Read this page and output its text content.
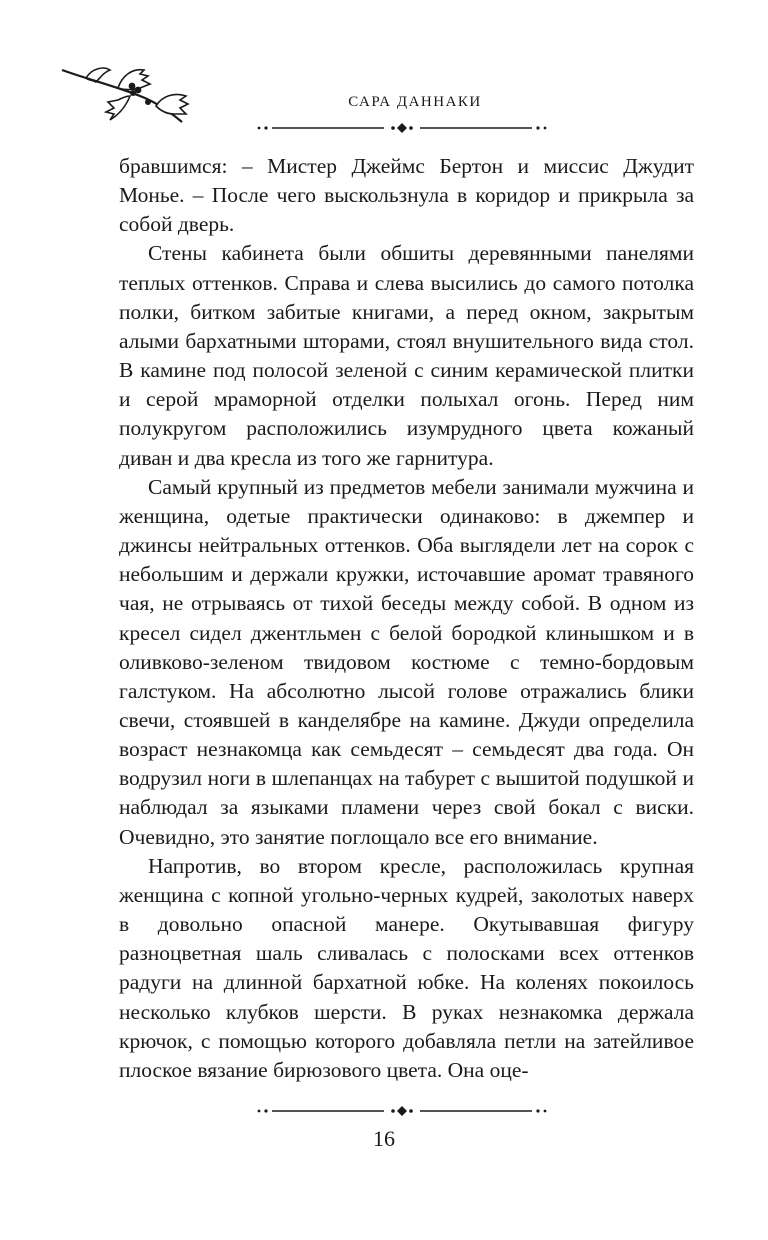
САРА ДАННАКИ

бравшимся: – Мистер Джеймс Бертон и миссис Джудит Монье. – После чего выскользнула в коридор и прикрыла за собой дверь.

Стены кабинета были обшиты деревянными панелями теплых оттенков. Справа и слева высились до самого потолка полки, битком забитые книгами, а перед окном, закрытым алыми бархатными шторами, стоял внушительного вида стол. В камине под полосой зеленой с синим керамической плитки и серой мраморной отделки полыхал огонь. Перед ним полукругом расположились изумрудного цвета кожаный диван и два кресла из того же гарнитура.

Самый крупный из предметов мебели занимали мужчина и женщина, одетые практически одинаково: в джемпер и джинсы нейтральных оттенков. Оба выглядели лет на сорок с небольшим и держали кружки, источавшие аромат травяного чая, не отрываясь от тихой беседы между собой. В одном из кресел сидел джентльмен с белой бородкой клинышком и в оливково-зеленом твидовом костюме с темно-бордовым галстуком. На абсолютно лысой голове отражались блики свечи, стоявшей в канделябре на камине. Джуди определила возраст незнакомца как семьдесят – семьдесят два года. Он водрузил ноги в шлепанцах на табурет с вышитой подушкой и наблюдал за языками пламени через свой бокал с виски. Очевидно, это занятие поглощало все его внимание.

Напротив, во втором кресле, расположилась крупная женщина с копной угольно-черных кудрей, заколотых наверх в довольно опасной манере. Окутывавшая фигуру разноцветная шаль сливалась с полосками всех оттенков радуги на длинной бархатной юбке. На коленях покоилось несколько клубков шерсти. В руках незнакомка держала крючок, с помощью которого добавляла петли на затейливое плоское вязание бирюзового цвета. Она оце-

16
